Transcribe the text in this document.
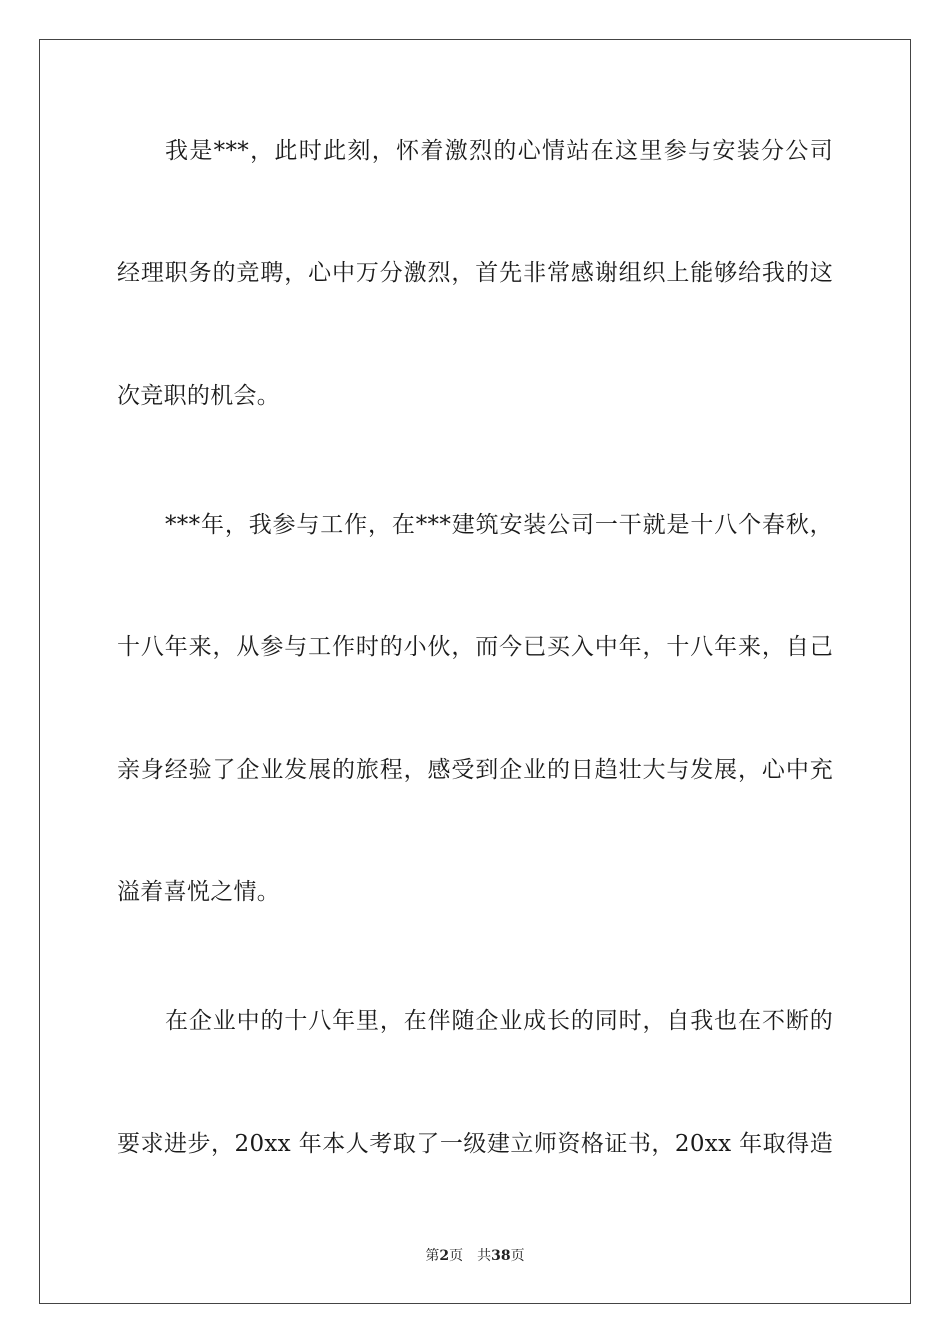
我是***，此时此刻，怀着激烈的心情站在这里参与安装分公司
经理职务的竞聘，心中万分激烈，首先非常感谢组织上能够给我的这
次竞职的机会。
***年，我参与工作，在***建筑安装公司一干就是十八个春秋，
十八年来，从参与工作时的小伙，而今已买入中年，十八年来，自己
亲身经验了企业发展的旅程，感受到企业的日趋壮大与发展，心中充
溢着喜悦之情。
在企业中的十八年里，在伴随企业成长的同时，自我也在不断的
要求进步，20xx 年本人考取了一级建立师资格证书，20xx 年取得造
第2页 共38页
